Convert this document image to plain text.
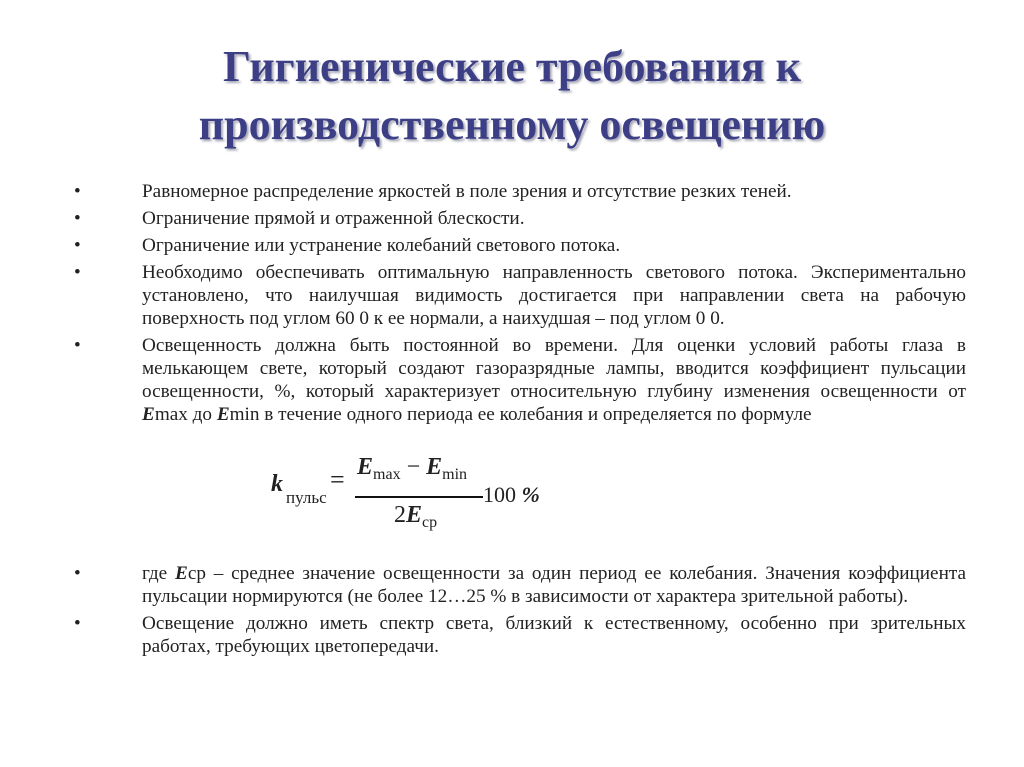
Гигиенические требования к
производственному освещению
•	Равномерное распределение яркостей в поле зрения и отсутствие резких теней.
•	Ограничение прямой и отраженной блескости.
•	Ограничение или устранение колебаний светового потока.
•	Необходимо обеспечивать оптимальную направленность светового потока. Экспериментально установлено, что наилучшая видимость достигается при направлении света на рабочую поверхность под углом 60 0 к ее нормали, а наихудшая – под углом 0 0.
•	Освещенность должна быть постоянной во времени. Для оценки условий работы глаза в мелькающем свете, который создают газоразрядные лампы, вводится коэффициент пульсации освещенности, %, который характеризует относительную глубину изменения освещенности от Emax до Emin в течение одного периода ее колебания и определяется по формуле
k
пульс
= $E_{max} - E_{min}$
$2E_{ср}$
100 %
•	где Eср – среднее значение освещенности за один период ее колебания. Значения коэффициента пульсации нормируются (не более 12…25 % в зависимости от характера зрительной работы).
•	Освещение должно иметь спектр света, близкий к естественному, особенно при зрительных работах, требующих цветопередачи.
